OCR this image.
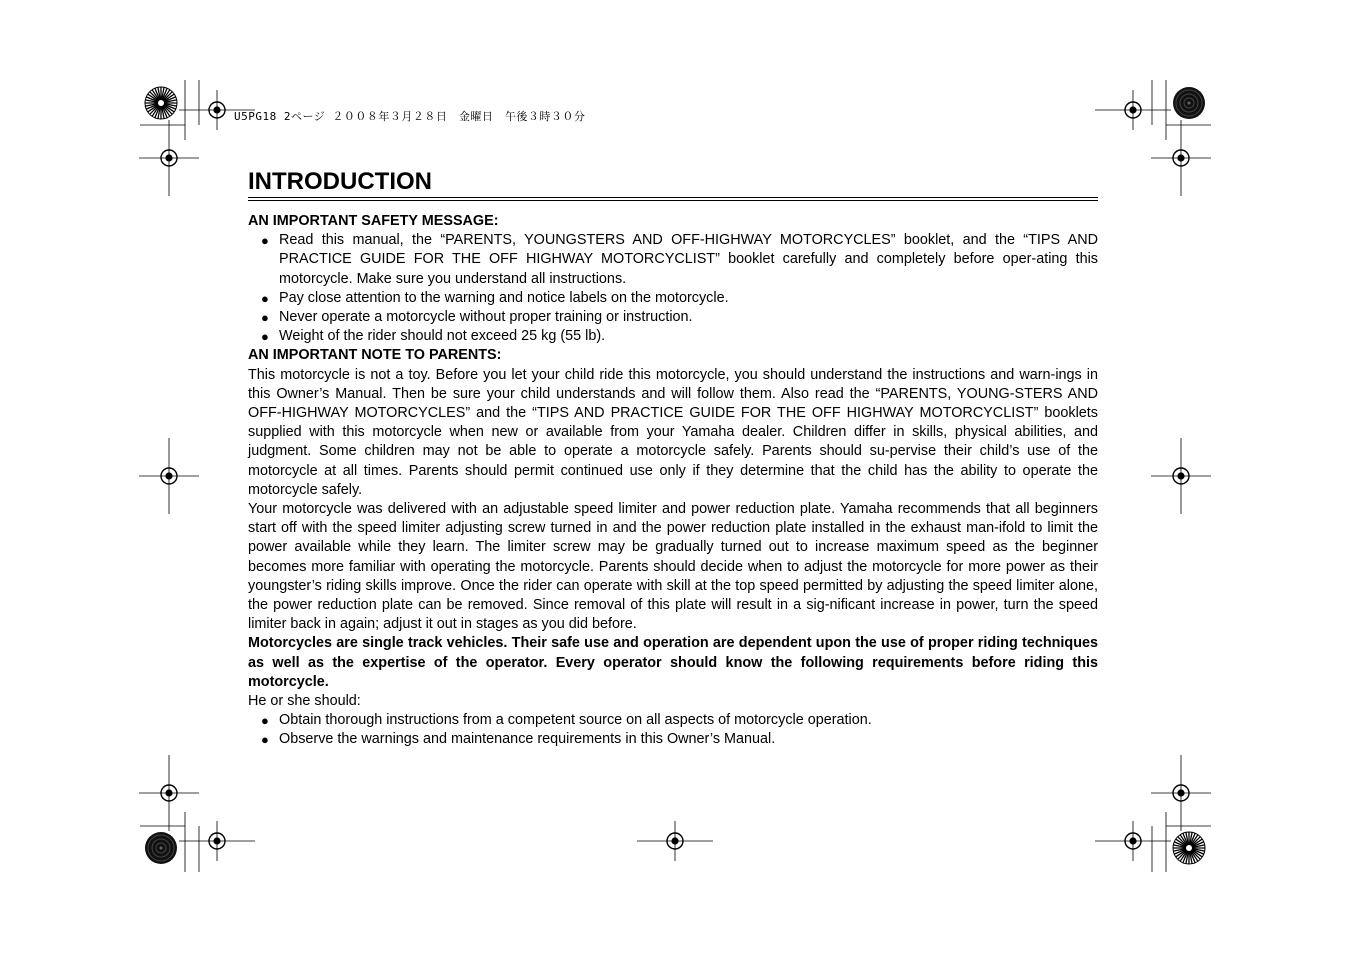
U5PG18 2ページ ２００８年３月２８日　金曜日　午後３時３０分
INTRODUCTION
AN IMPORTANT SAFETY MESSAGE:
● Read this manual, the “PARENTS, YOUNGSTERS AND OFF-HIGHWAY MOTORCYCLES” booklet, and the “TIPS AND PRACTICE GUIDE FOR THE OFF HIGHWAY MOTORCYCLIST” booklet carefully and completely before oper-ating this motorcycle. Make sure you understand all instructions.
● Pay close attention to the warning and notice labels on the motorcycle.
● Never operate a motorcycle without proper training or instruction.
● Weight of the rider should not exceed 25 kg (55 lb).
AN IMPORTANT NOTE TO PARENTS:

This motorcycle is not a toy. Before you let your child ride this motorcycle, you should understand the instructions and warn-ings in this Owner’s Manual. Then be sure your child understands and will follow them. Also read the “PARENTS, YOUNG-STERS AND OFF-HIGHWAY MOTORCYCLES” and the “TIPS AND PRACTICE GUIDE FOR THE OFF HIGHWAY MOTORCYCLIST” booklets supplied with this motorcycle when new or available from your Yamaha dealer. Children differ in skills, physical abilities, and judgment. Some children may not be able to operate a motorcycle safely. Parents should su-pervise their child’s use of the motorcycle at all times. Parents should permit continued use only if they determine that the child has the ability to operate the motorcycle safely.

Your motorcycle was delivered with an adjustable speed limiter and power reduction plate. Yamaha recommends that all beginners start off with the speed limiter adjusting screw turned in and the power reduction plate installed in the exhaust man-ifold to limit the power available while they learn. The limiter screw may be gradually turned out to increase maximum speed as the beginner becomes more familiar with operating the motorcycle. Parents should decide when to adjust the motorcycle for more power as their youngster’s riding skills improve. Once the rider can operate with skill at the top speed permitted by adjusting the speed limiter alone, the power reduction plate can be removed. Since removal of this plate will result in a sig-nificant increase in power, turn the speed limiter back in again; adjust it out in stages as you did before.

Motorcycles are single track vehicles. Their safe use and operation are dependent upon the use of proper riding techniques as well as the expertise of the operator. Every operator should know the following requirements before riding this motorcycle.

He or she should:

● Obtain thorough instructions from a competent source on all aspects of motorcycle operation.
● Observe the warnings and maintenance requirements in this Owner’s Manual.
